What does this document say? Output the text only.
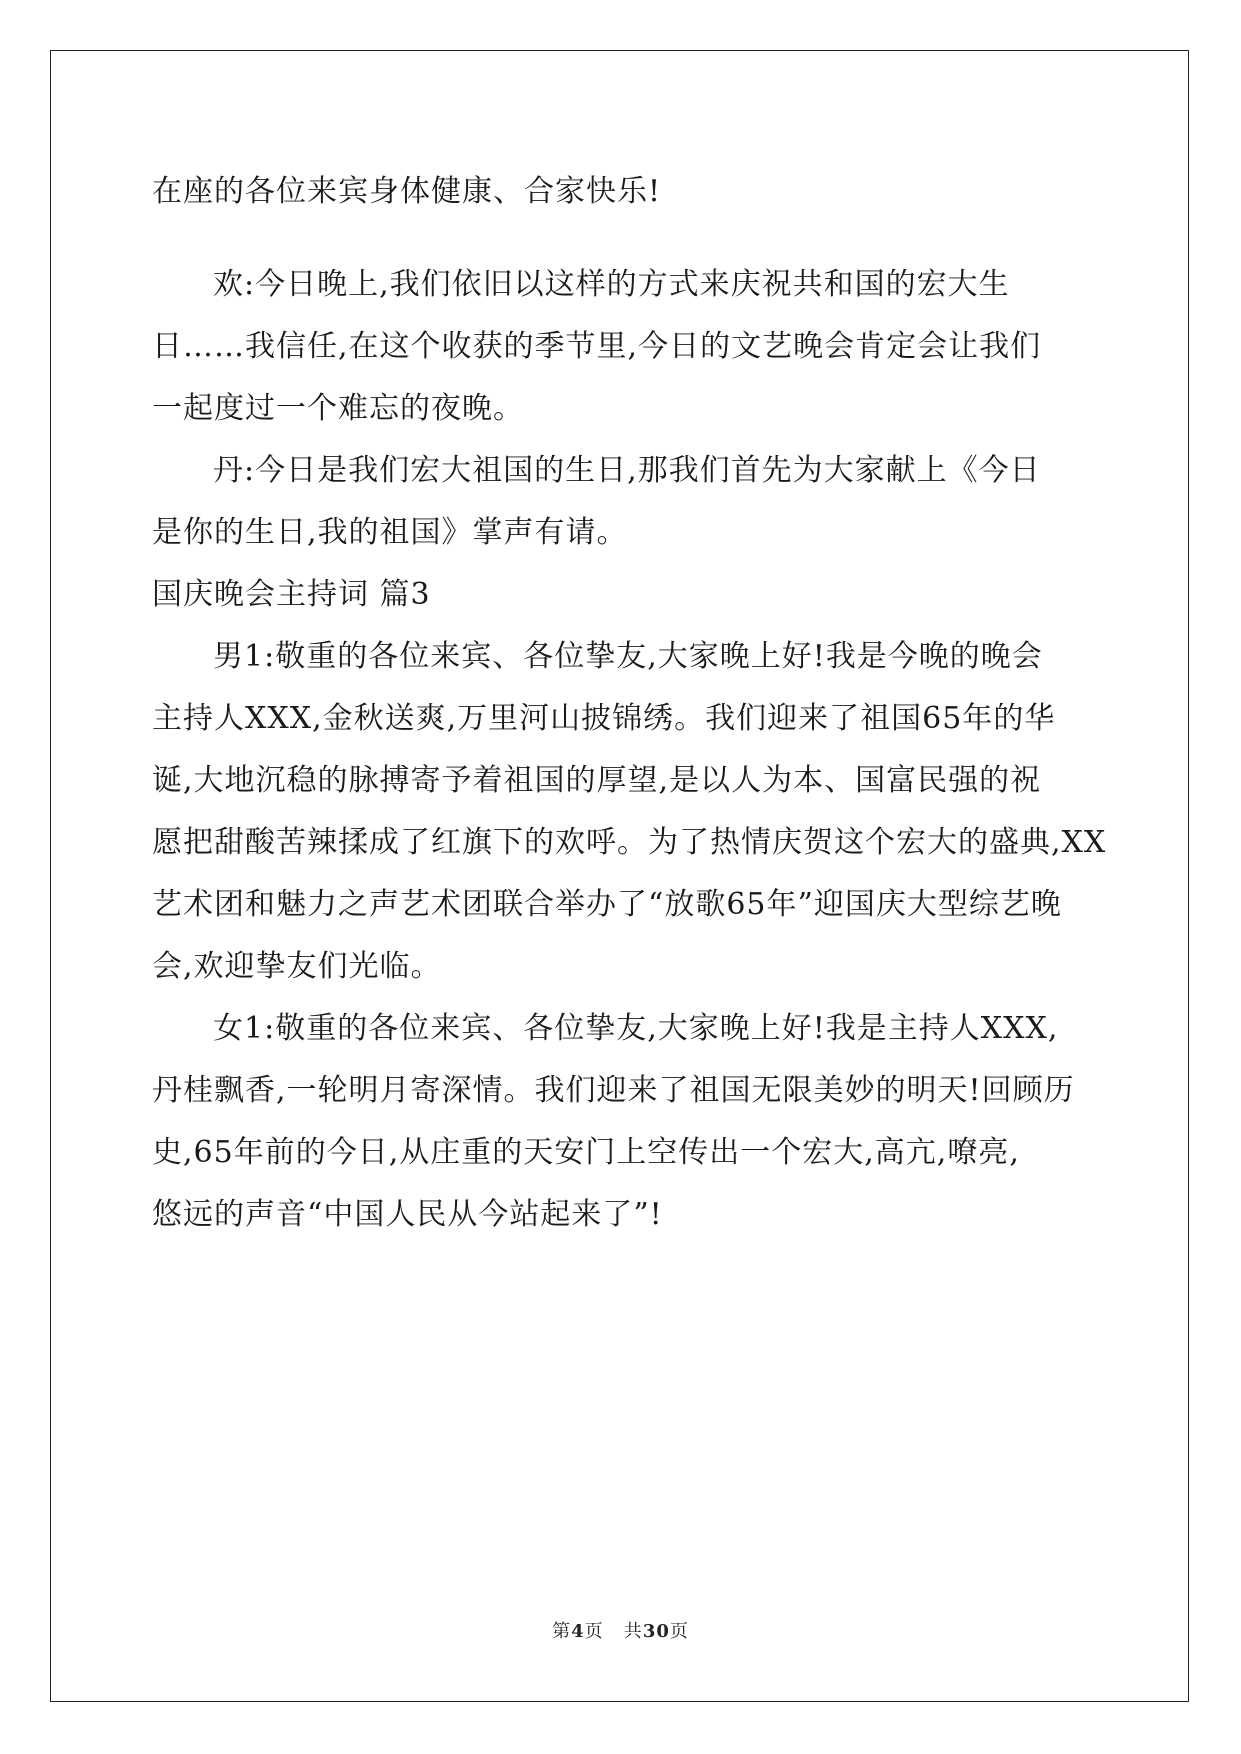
在座的各位来宾身体健康、合家快乐!
欢:今日晚上,我们依旧以这样的方式来庆祝共和国的宏大生
日……我信任,在这个收获的季节里,今日的文艺晚会肯定会让我们
一起度过一个难忘的夜晚。
丹:今日是我们宏大祖国的生日,那我们首先为大家献上《今日
是你的生日,我的祖国》掌声有请。
国庆晚会主持词 篇3
男1:敬重的各位来宾、各位挚友,大家晚上好!我是今晚的晚会
主持人XXX,金秋送爽,万里河山披锦绣。我们迎来了祖国65年的华
诞,大地沉稳的脉搏寄予着祖国的厚望,是以人为本、国富民强的祝
愿把甜酸苦辣揉成了红旗下的欢呼。为了热情庆贺这个宏大的盛典,XX
艺术团和魅力之声艺术团联合举办了“放歌65年”迎国庆大型综艺晚
会,欢迎挚友们光临。
女1:敬重的各位来宾、各位挚友,大家晚上好!我是主持人XXX,
丹桂飘香,一轮明月寄深情。我们迎来了祖国无限美妙的明天!回顾历
史,65年前的今日,从庄重的天安门上空传出一个宏大,高亢,嘹亮,
悠远的声音“中国人民从今站起来了”!
第4页   共30页
